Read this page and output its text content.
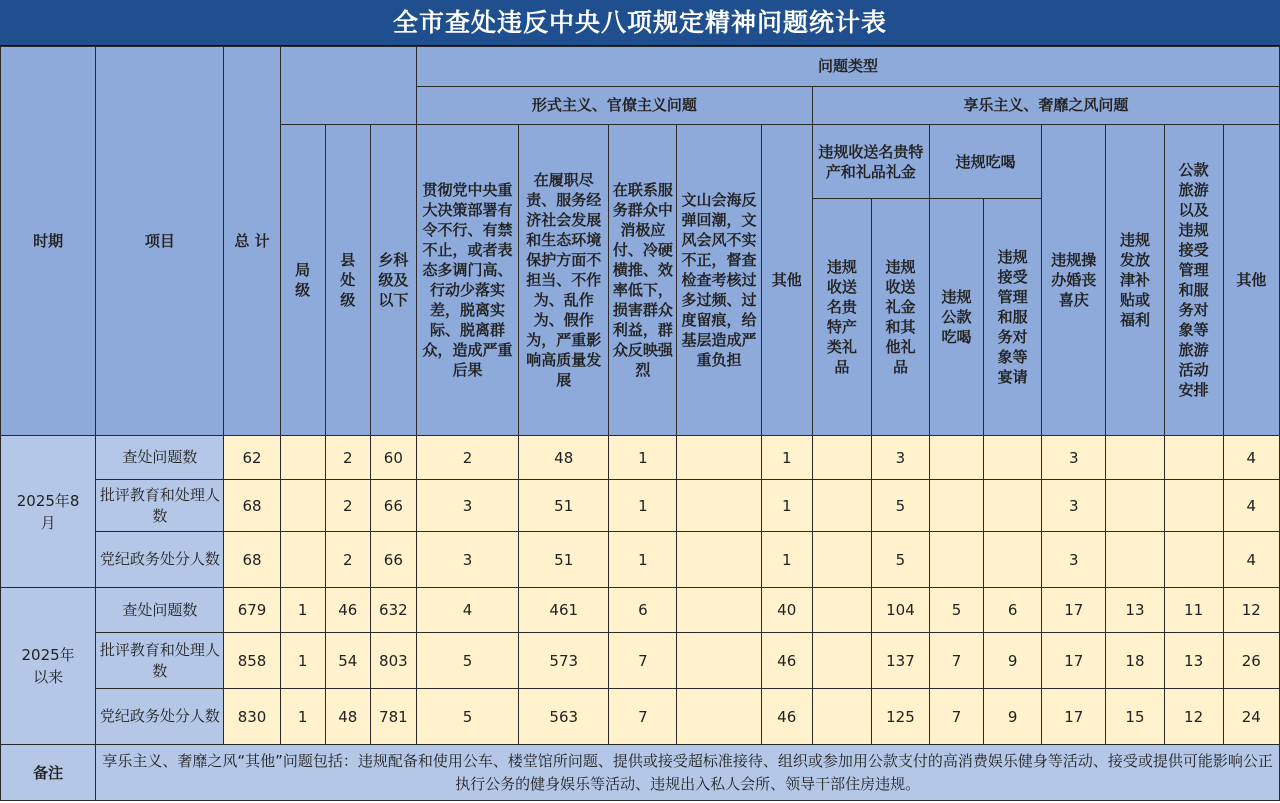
全市查处违反中央八项规定精神问题统计表
时期	项目	总 计				问题类型												
						形式主义、官僚主义问题					享乐主义、奢靡之风问题							
			局级	县处级	乡科级及以下	贯彻党中央重大决策部署有令不行、有禁不止，或者表态多调门高、行动少落实差，脱离实际、脱离群众，造成严重后果	在履职尽责、服务经济社会发展和生态环境保护方面不担当、不作为、乱作为、假作为，严重影响高质量发展	在联系服务群众中消极应付、冷硬横推、效率低下，损害群众利益，群众反映强烈	文山会海反弹回潮，文风会风不实不正，督查检查考核过多过频、过度留痕，给基层造成严重负担	其他	违规收送名贵特产和礼品礼金		违规吃喝		违规操办婚丧喜庆	违规发放津补贴或福利	公款旅游以及违规接受管理和服务对象等旅游活动安排	其他
											违规收送名贵特产类礼品	违规收送礼金和其他礼品	违规公款吃喝	违规接受管理和服务对象等宴请				
2025年8月	查处问题数	62		2	60	2	48	1		1		3			3			4
	批评教育和处理人数	68		2	66	3	51	1		1		5			3			4
	党纪政务处分人数	68		2	66	3	51	1		1		5			3			4
2025年以来	查处问题数	679	1	46	632	4	461	6		40		104	5	6	17	13	11	12
	批评教育和处理人数	858	1	54	803	5	573	7		46		137	7	9	17	18	13	26
	党纪政务处分人数	830	1	48	781	5	563	7		46		125	7	9	17	15	12	24
备注	享乐主义、奢靡之风“其他”问题包括：违规配备和使用公车、楼堂馆所问题、提供或接受超标准接待、组织或参加用公款支付的高消费娱乐健身等活动、接受或提供可能影响公正执行公务的健身娱乐等活动、违规出入私人会所、领导干部住房违规。																	
